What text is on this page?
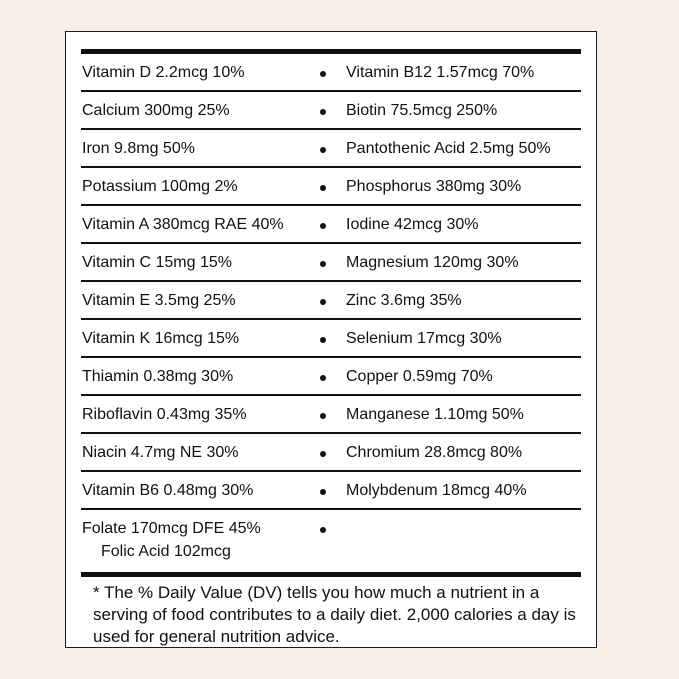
Vitamin D 2.2mcg 10%	Vitamin B12 1.57mcg 70%
Calcium 300mg 25%	Biotin 75.5mcg 250%
Iron 9.8mg 50%	Pantothenic Acid 2.5mg 50%
Potassium 100mg 2%	Phosphorus 380mg 30%
Vitamin A 380mcg RAE 40%	Iodine 42mcg 30%
Vitamin C 15mg 15%	Magnesium 120mg 30%
Vitamin E 3.5mg 25%	Zinc 3.6mg 35%
Vitamin K 16mcg 15%	Selenium 17mcg 30%
Thiamin 0.38mg 30%	Copper 0.59mg 70%
Riboflavin 0.43mg 35%	Manganese 1.10mg 50%
Niacin 4.7mg NE 30%	Chromium 28.8mcg 80%
Vitamin B6 0.48mg 30%	Molybdenum 18mcg 40%
Folate 170mcg DFE 45%
Folic Acid 102mcg
* The % Daily Value (DV) tells you how much a nutrient in a serving of food contributes to a daily diet. 2,000 calories a day is used for general nutrition advice.
